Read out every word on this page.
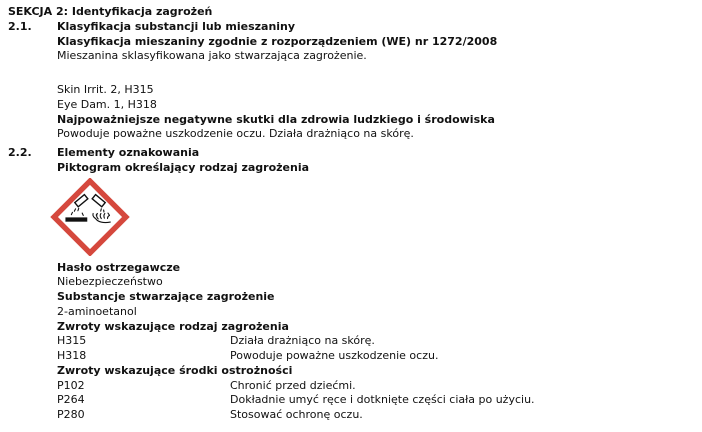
SEKCJA 2: Identyfikacja zagrożeń
2.1.	Klasyfikacja substancji lub mieszaniny
Klasyfikacja mieszaniny zgodnie z rozporządzeniem (WE) nr 1272/2008
Mieszanina sklasyfikowana jako stwarzająca zagrożenie.
Skin Irrit. 2, H315
Eye Dam. 1, H318
Najpoważniejsze negatywne skutki dla zdrowia ludzkiego i środowiska
Powoduje poważne uszkodzenie oczu. Działa drażniąco na skórę.
2.2.	Elementy oznakowania
Piktogram określający rodzaj zagrożenia
Hasło ostrzegawcze
Niebezpieczeństwo
Substancje stwarzające zagrożenie
2-aminoetanol
Zwroty wskazujące rodzaj zagrożenia
H315	Działa drażniąco na skórę.
H318	Powoduje poważne uszkodzenie oczu.
Zwroty wskazujące środki ostrożności
P102	Chronić przed dziećmi.
P264	Dokładnie umyć ręce i dotknięte części ciała po użyciu.
P280	Stosować ochronę oczu.
